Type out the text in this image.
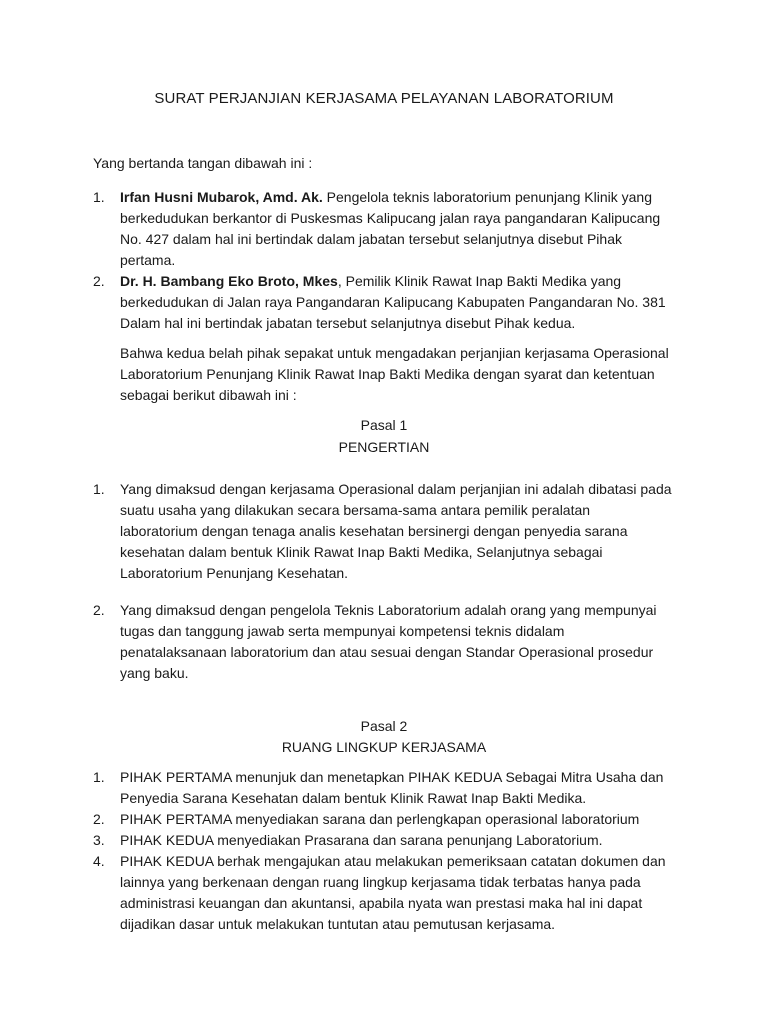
SURAT PERJANJIAN KERJASAMA PELAYANAN LABORATORIUM
Yang bertanda tangan dibawah ini :
1. Irfan Husni Mubarok, Amd. Ak. Pengelola teknis laboratorium penunjang Klinik yang
berkedudukan berkantor di Puskesmas Kalipucang jalan raya pangandaran Kalipucang
No. 427 dalam hal ini bertindak dalam jabatan tersebut selanjutnya disebut Pihak
pertama.
2. Dr. H. Bambang Eko Broto, Mkes, Pemilik Klinik Rawat Inap Bakti Medika yang
berkedudukan di Jalan raya Pangandaran Kalipucang Kabupaten Pangandaran No. 381
Dalam hal ini bertindak jabatan tersebut selanjutnya disebut Pihak kedua.
Bahwa kedua belah pihak sepakat untuk mengadakan perjanjian kerjasama Operasional
Laboratorium Penunjang Klinik Rawat Inap Bakti Medika dengan syarat dan ketentuan
sebagai berikut dibawah ini :
Pasal 1
PENGERTIAN
1. Yang dimaksud dengan kerjasama Operasional dalam perjanjian ini adalah dibatasi pada
suatu usaha yang dilakukan secara bersama-sama antara pemilik peralatan
laboratorium dengan tenaga analis kesehatan bersinergi dengan penyedia sarana
kesehatan dalam bentuk Klinik Rawat Inap Bakti Medika, Selanjutnya sebagai
Laboratorium Penunjang Kesehatan.
2. Yang dimaksud dengan pengelola Teknis Laboratorium adalah orang yang mempunyai
tugas dan tanggung jawab serta mempunyai kompetensi teknis didalam
penatalaksanaan laboratorium dan atau sesuai dengan Standar Operasional prosedur
yang baku.
Pasal 2
RUANG LINGKUP KERJASAMA
1. PIHAK PERTAMA menunjuk dan menetapkan PIHAK KEDUA Sebagai Mitra Usaha dan
Penyedia Sarana Kesehatan dalam bentuk Klinik Rawat Inap Bakti Medika.
2. PIHAK PERTAMA menyediakan sarana dan perlengkapan operasional laboratorium
3. PIHAK KEDUA menyediakan Prasarana dan sarana penunjang Laboratorium.
4. PIHAK KEDUA berhak mengajukan atau melakukan pemeriksaan catatan dokumen dan
lainnya yang berkenaan dengan ruang lingkup kerjasama tidak terbatas hanya pada
administrasi keuangan dan akuntansi, apabila nyata wan prestasi maka hal ini dapat
dijadikan dasar untuk melakukan tuntutan atau pemutusan kerjasama.
